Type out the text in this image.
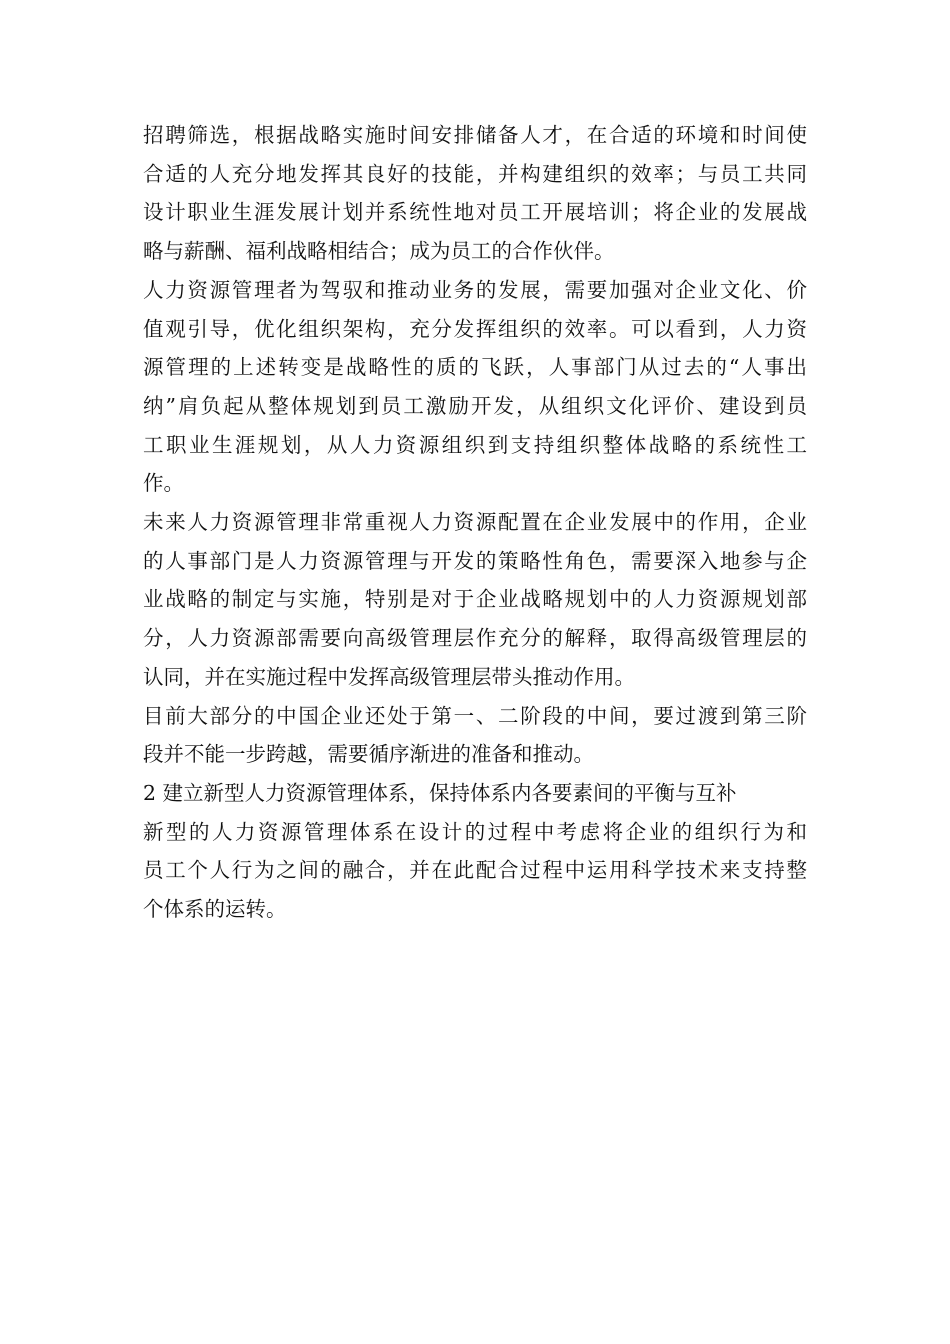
招聘筛选，根据战略实施时间安排储备人才，在合适的环境和时间使
合适的人充分地发挥其良好的技能，并构建组织的效率；与员工共同
设计职业生涯发展计划并系统性地对员工开展培训；将企业的发展战
略与薪酬、福利战略相结合；成为员工的合作伙伴。

人力资源管理者为驾驭和推动业务的发展，需要加强对企业文化、价
值观引导，优化组织架构，充分发挥组织的效率。可以看到，人力资
源管理的上述转变是战略性的质的飞跃，人事部门从过去的“人事出
纳”肩负起从整体规划到员工激励开发，从组织文化评价、建设到员
工职业生涯规划，从人力资源组织到支持组织整体战略的系统性工
作。

未来人力资源管理非常重视人力资源配置在企业发展中的作用，企业
的人事部门是人力资源管理与开发的策略性角色，需要深入地参与企
业战略的制定与实施，特别是对于企业战略规划中的人力资源规划部
分，人力资源部需要向高级管理层作充分的解释，取得高级管理层的
认同，并在实施过程中发挥高级管理层带头推动作用。

目前大部分的中国企业还处于第一、二阶段的中间，要过渡到第三阶
段并不能一步跨越，需要循序渐进的准备和推动。

2 建立新型人力资源管理体系，保持体系内各要素间的平衡与互补

新型的人力资源管理体系在设计的过程中考虑将企业的组织行为和
员工个人行为之间的融合，并在此配合过程中运用科学技术来支持整
个体系的运转。
